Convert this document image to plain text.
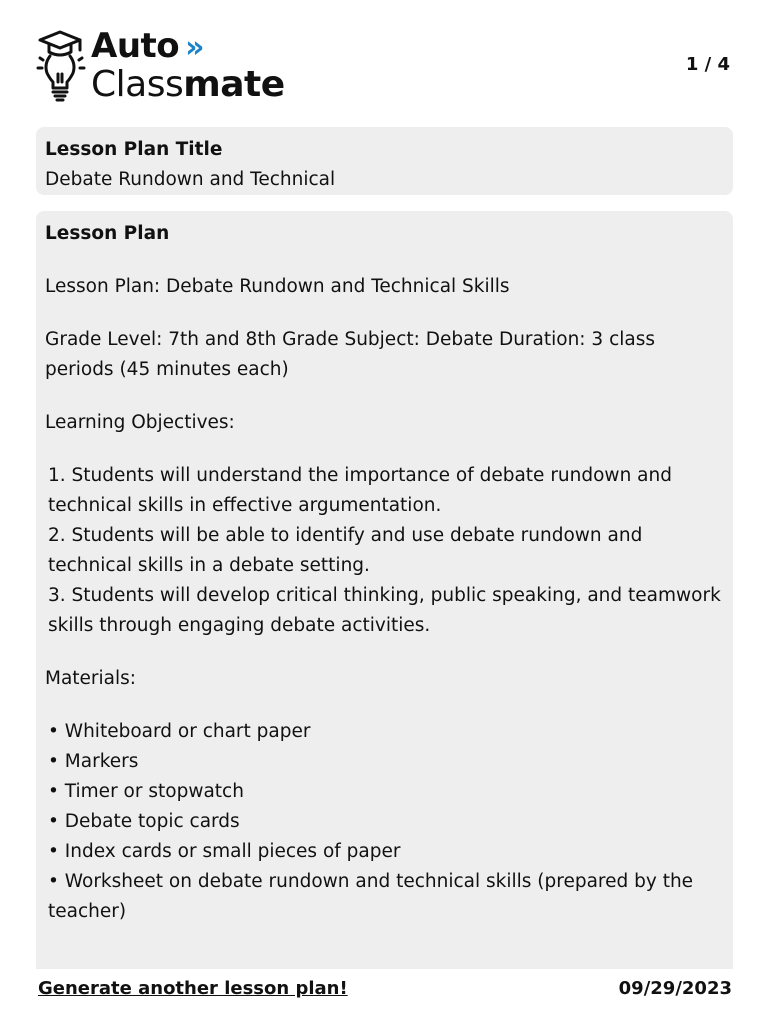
Auto »
Classmate	1 / 4
Lesson Plan Title
Debate Rundown and Technical
Lesson Plan
Lesson Plan: Debate Rundown and Technical Skills
Grade Level: 7th and 8th Grade Subject: Debate Duration: 3 class periods (45 minutes each)
Learning Objectives:
1. Students will understand the importance of debate rundown and technical skills in effective argumentation.
2. Students will be able to identify and use debate rundown and technical skills in a debate setting.
3. Students will develop critical thinking, public speaking, and teamwork skills through engaging debate activities.
Materials:
• Whiteboard or chart paper
• Markers
• Timer or stopwatch
• Debate topic cards
• Index cards or small pieces of paper
• Worksheet on debate rundown and technical skills (prepared by the teacher)
Generate another lesson plan!	09/29/2023
